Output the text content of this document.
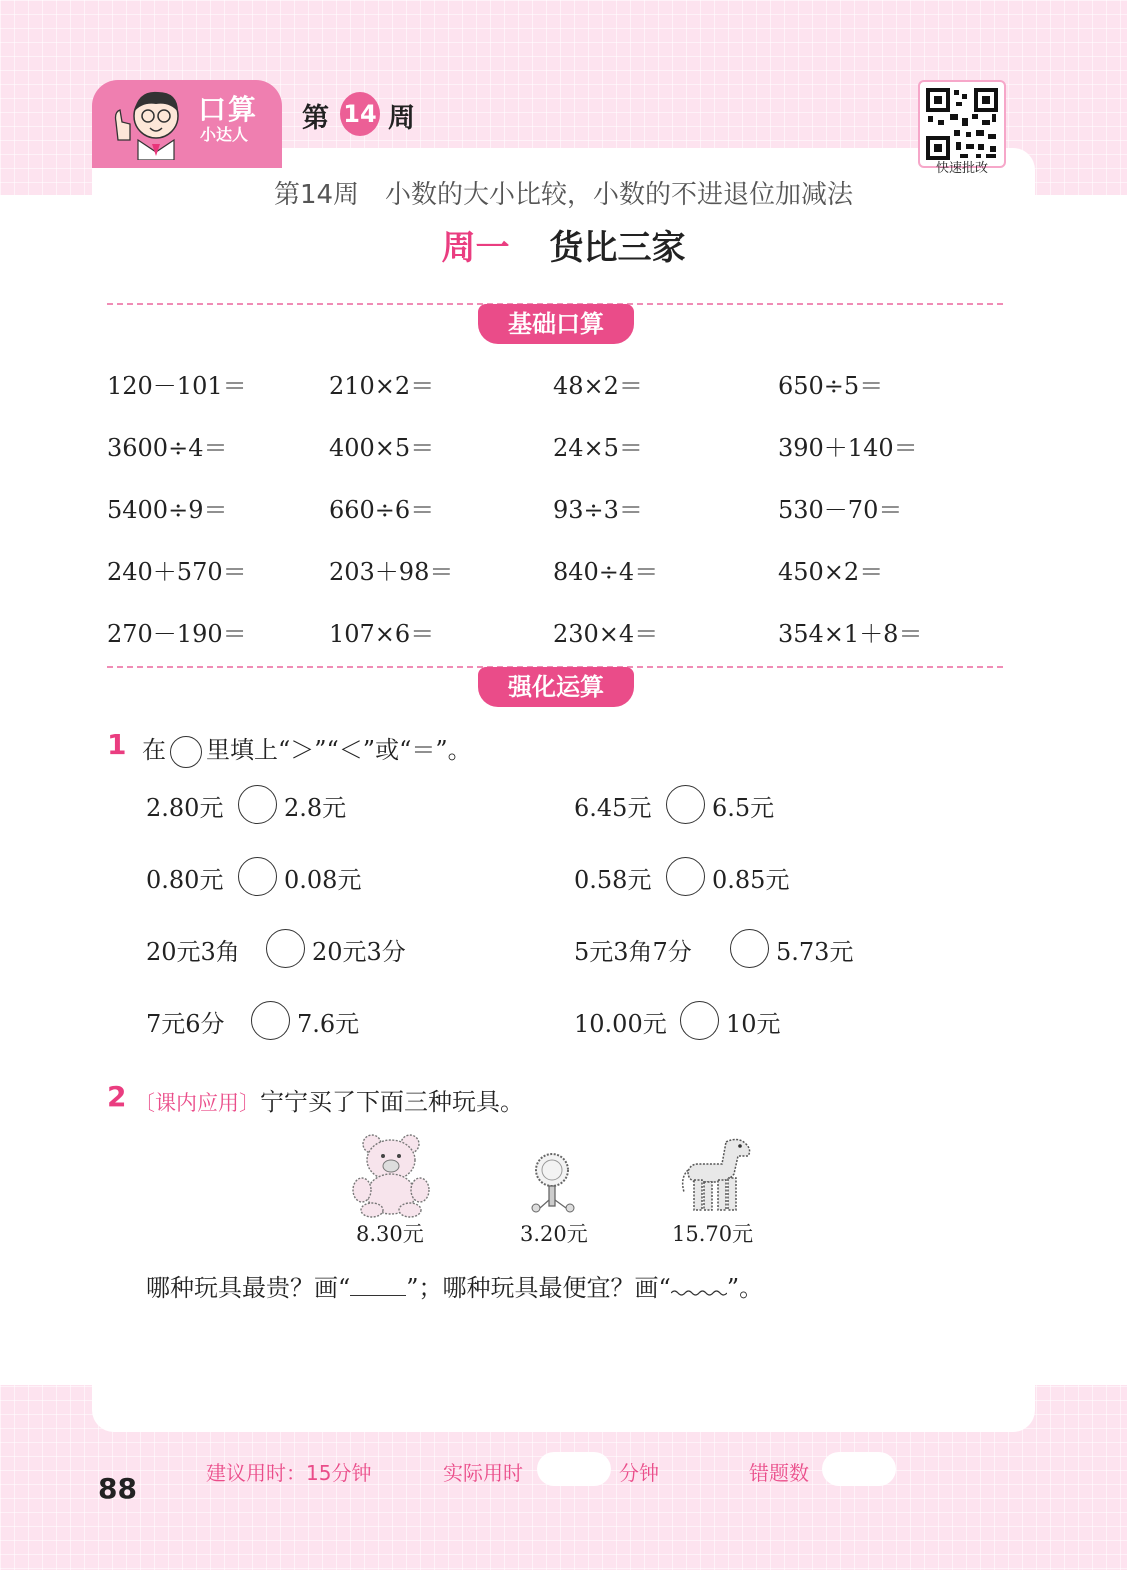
口算
小达人
第 14 周
快速批改
第14周　小数的大小比较，小数的不进退位加减法
周一 货比三家
基础口算
120－101＝	210×2＝	48×2＝	650÷5＝
3600÷4＝	400×5＝	24×5＝	390＋140＝
5400÷9＝	660÷6＝	93÷3＝	530－70＝
240＋570＝	203＋98＝	840÷4＝	450×2＝
270－190＝	107×6＝	230×4＝	354×1＋8＝
强化运算
1 在 里填上“＞”“＜”或“＝”。
2.80元	2.8元	6.45元	6.5元
0.80元	0.08元	0.58元	0.85元
20元3角	20元3分	5元3角7分	5.73元
7元6分	7.6元	10.00元 10元
2 〔课内应用〕宁宁买了下面三种玩具。
8.30元	3.20元	15.70元
哪种玩具最贵？画“ ”；哪种玩具最便宜？画“ ”。
建议用时：15分钟	实际用时	分钟	错题数
88
